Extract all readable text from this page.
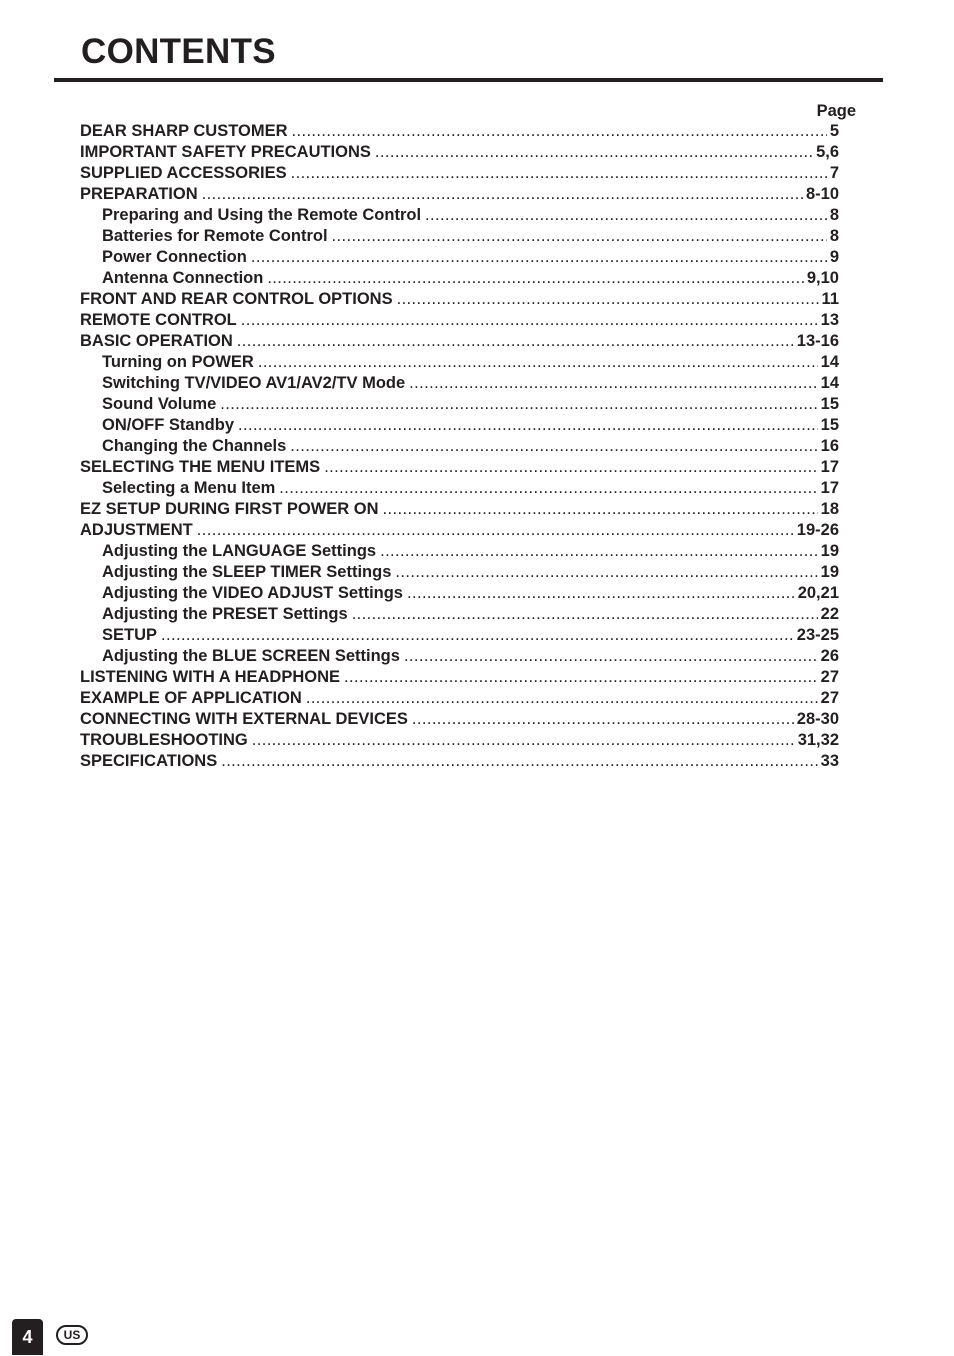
CONTENTS
Page
DEAR SHARP CUSTOMER .....	5
IMPORTANT SAFETY PRECAUTIONS .....	5,6
SUPPLIED ACCESSORIES .....	7
PREPARATION .....	8-10
Preparing and Using the Remote Control .....	8
Batteries for Remote Control .....	8
Power Connection .....	9
Antenna Connection .....	9,10
FRONT AND REAR CONTROL OPTIONS .....	11
REMOTE CONTROL .....	13
BASIC OPERATION .....	13-16
Turning on POWER .....	14
Switching TV/VIDEO AV1/AV2/TV Mode .....	14
Sound Volume .....	15
ON/OFF Standby .....	15
Changing the Channels .....	16
SELECTING THE MENU ITEMS .....	17
Selecting a Menu Item .....	17
EZ SETUP DURING FIRST POWER ON .....	18
ADJUSTMENT .....	19-26
Adjusting the LANGUAGE Settings .....	19
Adjusting the SLEEP TIMER Settings .....	19
Adjusting the VIDEO ADJUST Settings .....	20,21
Adjusting the PRESET Settings .....	22
SETUP .....	23-25
Adjusting the BLUE SCREEN Settings .....	26
LISTENING WITH A HEADPHONE .....	27
EXAMPLE OF APPLICATION .....	27
CONNECTING WITH EXTERNAL DEVICES .....	28-30
TROUBLESHOOTING .....	31,32
SPECIFICATIONS .....	33
4	US
